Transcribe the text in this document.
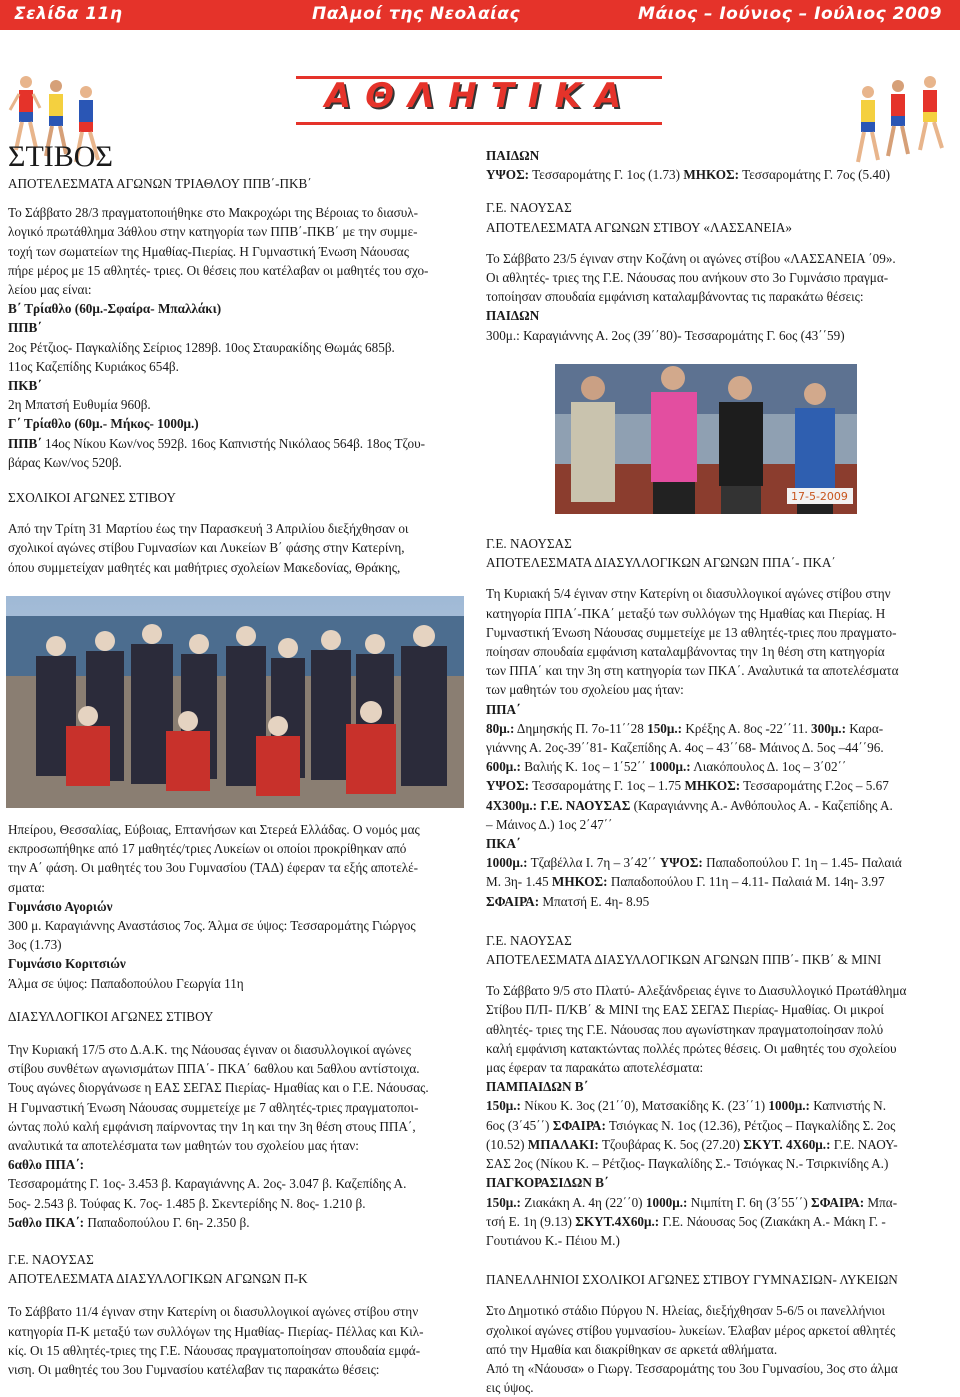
Σελίδα 11η	Παλμοί της Νεολαίας	Μάιος – Ιούνιος – Ιούλιος 2009
ΑΘΛΗΤΙΚΑ

ΣΤΙΒΟΣ

ΑΠΟΤΕΛΕΣΜΑΤΑ ΑΓΩΝΩΝ ΤΡΙΑΘΛΟΥ ΠΠΒ΄-ΠΚΒ΄

Το Σάββατο 28/3 πραγματοποιήθηκε στο Μακροχώρι της Βέροιας το διασυλ-

λογικό πρωτάθλημα 3άθλου στην κατηγορία των ΠΠΒ΄-ΠΚΒ΄ με την συμμε-

τοχή των σωματείων της Ημαθίας-Πιερίας. Η Γυμναστική Ένωση Νάουσας

πήρε μέρος με 15 αθλητές- τριες. Οι θέσεις που κατέλαβαν οι μαθητές του σχο-

λείου μας είναι:

Β΄ Τρίαθλο (60μ.-Σφαίρα- Μπαλλάκι)

ΠΠΒ΄

2ος Ρέτζιος- Παγκαλίδης Σείριος 1289β. 10ος Σταυρακίδης Θωμάς 685β.

11ος Καζεπίδης Κυριάκος 654β.

ΠΚΒ΄

2η Μπατσή Ευθυμία 960β.

Γ΄ Τρίαθλο (60μ.- Μήκος- 1000μ.)

ΠΠΒ΄ 14ος Νίκου Κων/νος 592β. 16ος Καπνιστής Νικόλαος 564β. 18ος Τζου-

βάρας Κων/νος 520β.

ΣΧΟΛΙΚΟΙ ΑΓΩΝΕΣ ΣΤΙΒΟΥ

Από την Τρίτη 31 Μαρτίου έως την Παρασκευή 3 Απριλίου διεξήχθησαν οι

σχολικοί αγώνες στίβου Γυμνασίων και Λυκείων Β΄ φάσης στην Κατερίνη,

όπου συμμετείχαν μαθητές και μαθήτριες σχολείων Μακεδονίας, Θράκης,

Ηπείρου, Θεσσαλίας, Εύβοιας, Επτανήσων και Στερεά Ελλάδας. Ο νομός μας

εκπροσωπήθηκε από 17 μαθητές/τριες Λυκείων οι οποίοι προκρίθηκαν από

την Α΄ φάση. Οι μαθητές του 3ου Γυμνασίου (ΤΑΔ) έφεραν τα εξής αποτελέ-

σματα:

Γυμνάσιο Αγοριών

300 μ. Καραγιάννης Αναστάσιος 7ος. Άλμα σε ύψος: Τεσσαρομάτης Γιώργος

3ος (1.73)

Γυμνάσιο Κοριτσιών

Άλμα σε ύψος: Παπαδοπούλου Γεωργία 11η

ΔΙΑΣΥΛΛΟΓΙΚΟΙ ΑΓΩΝΕΣ ΣΤΙΒΟΥ

Την Κυριακή 17/5 στο Δ.Α.Κ. της Νάουσας έγιναν οι διασυλλογικοί αγώνες

στίβου συνθέτων αγωνισμάτων ΠΠΑ΄- ΠΚΑ΄ 6αθλου και 5αθλου αντίστοιχα.

Τους αγώνες διοργάνωσε η ΕΑΣ ΣΕΓΑΣ Πιερίας- Ημαθίας και ο Γ.Ε. Νάουσας.

Η Γυμναστική Ένωση Νάουσας συμμετείχε με 7 αθλητές-τριες πραγματοποι-

ώντας πολύ καλή εμφάνιση παίρνοντας την 1η και την 3η θέση στους ΠΠΑ΄,

αναλυτικά τα αποτελέσματα των μαθητών του σχολείου μας ήταν:

6αθλο ΠΠΑ΄:

Τεσσαρομάτης Γ. 1ος- 3.453 β. Καραγιάννης Α. 2ος- 3.047 β. Καζεπίδης Α.

5ος- 2.543 β. Τούφας Κ. 7ος- 1.485 β. Σκεντερίδης Ν. 8ος- 1.210 β.

5αθλο ΠΚΑ΄: Παπαδοπούλου Γ. 6η- 2.350 β.

Γ.Ε. ΝΑΟΥΣΑΣ

ΑΠΟΤΕΛΕΣΜΑΤΑ ΔΙΑΣΥΛΛΟΓΙΚΩΝ ΑΓΩΝΩΝ Π-Κ

Το Σάββατο 11/4 έγιναν στην Κατερίνη οι διασυλλογικοί αγώνες στίβου στην

κατηγορία Π-Κ μεταξύ των συλλόγων της Ημαθίας- Πιερίας- Πέλλας και Κιλ-

κίς. Οι 15 αθλητές-τριες της Γ.Ε. Νάουσας πραγματοποίησαν σπουδαία εμφά-

νιση. Οι μαθητές του 3ου Γυμνασίου κατέλαβαν τις παρακάτω θέσεις:

ΠΑΙΔΩΝ

ΥΨΟΣ: Τεσσαρομάτης Γ. 1ος (1.73) ΜΗΚΟΣ: Τεσσαρομάτης Γ. 7ος (5.40)

Γ.Ε. ΝΑΟΥΣΑΣ

ΑΠΟΤΕΛΕΣΜΑΤΑ ΑΓΩΝΩΝ ΣΤΙΒΟΥ «ΛΑΣΣΑΝΕΙΑ»

Το Σάββατο 23/5 έγιναν στην Κοζάνη οι αγώνες στίβου «ΛΑΣΣΑΝΕΙΑ ΄09».

Οι αθλητές- τριες της Γ.Ε. Νάουσας που ανήκουν στο 3ο Γυμνάσιο πραγμα-

τοποίησαν σπουδαία εμφάνιση καταλαμβάνοντας τις παρακάτω θέσεις:

ΠΑΙΔΩΝ

300μ.: Καραγιάννης Α. 2ος (39΄΄80)- Τεσσαρομάτης Γ. 6ος (43΄΄59)

17-5-2009

Γ.Ε. ΝΑΟΥΣΑΣ

ΑΠΟΤΕΛΕΣΜΑΤΑ ΔΙΑΣΥΛΛΟΓΙΚΩΝ ΑΓΩΝΩΝ ΠΠΑ΄- ΠΚΑ΄

Τη Κυριακή 5/4 έγιναν στην Κατερίνη οι διασυλλογικοί αγώνες στίβου στην

κατηγορία ΠΠΑ΄-ΠΚΑ΄ μεταξύ των συλλόγων της Ημαθίας και Πιερίας. Η

Γυμναστική Ένωση Νάουσας συμμετείχε με 13 αθλητές-τριες που πραγματο-

ποίησαν σπουδαία εμφάνιση καταλαμβάνοντας την 1η θέση στη κατηγορία

των ΠΠΑ΄ και την 3η στη κατηγορία των ΠΚΑ΄. Αναλυτικά τα αποτελέσματα

των μαθητών του σχολείου μας ήταν:

ΠΠΑ΄

80μ.: Δημησκής Π. 7ο-11΄΄28 150μ.: Κρέξης Α. 8ος -22΄΄11. 300μ.: Καρα-

γιάννης Α. 2ος-39΄΄81- Καζεπίδης Α. 4ος – 43΄΄68- Μάινος Δ. 5ος –44΄΄96.

600μ.: Βαλιής Κ. 1ος – 1΄52΄΄ 1000μ.: Λιακόπουλος Δ. 1ος – 3΄02΄΄

ΥΨΟΣ: Τεσσαρομάτης Γ. 1ος – 1.75 ΜΗΚΟΣ: Τεσσαρομάτης Γ.2ος – 5.67

4Χ300μ.: Γ.Ε. ΝΑΟΥΣΑΣ (Καραγιάννης Α.- Ανθόπουλος Α. - Καζεπίδης Α.

– Μάινος Δ.) 1ος 2΄47΄΄

ΠΚΑ΄

1000μ.: Τζαβέλλα Ι. 7η – 3΄42΄΄ ΥΨΟΣ: Παπαδοπούλου Γ. 1η – 1.45- Παλαιά

Μ. 3η- 1.45 ΜΗΚΟΣ: Παπαδοπούλου Γ. 11η – 4.11- Παλαιά Μ. 14η- 3.97

ΣΦΑΙΡΑ: Μπατσή Ε. 4η- 8.95

Γ.Ε. ΝΑΟΥΣΑΣ

ΑΠΟΤΕΛΕΣΜΑΤΑ ΔΙΑΣΥΛΛΟΓΙΚΩΝ ΑΓΩΝΩΝ ΠΠΒ΄- ΠΚΒ΄ & ΜΙΝΙ

Το Σάββατο 9/5 στο Πλατύ- Αλεξάνδρειας έγινε το Διασυλλογικό Πρωτάθλημα

Στίβου Π/Π- Π/ΚΒ΄ & ΜΙΝΙ της ΕΑΣ ΣΕΓΑΣ Πιερίας- Ημαθίας. Οι μικροί

αθλητές- τριες της Γ.Ε. Νάουσας που αγωνίστηκαν πραγματοποίησαν πολύ

καλή εμφάνιση κατακτώντας πολλές πρώτες θέσεις. Οι μαθητές του σχολείου

μας έφεραν τα παρακάτω αποτελέσματα:

ΠΑΜΠΑΙΔΩΝ Β΄

150μ.: Νίκου Κ. 3ος (21΄΄0), Ματσακίδης Κ. (23΄΄1) 1000μ.: Καπνιστής Ν.

6ος (3΄45΄΄) ΣΦΑΙΡΑ: Τσιόγκας Ν. 1ος (12.36), Ρέτζιος – Παγκαλίδης Σ. 2ος

(10.52) ΜΠΑΛΑΚΙ: Τζουβάρας Κ. 5ος (27.20) ΣΚΥΤ. 4Χ60μ.: Γ.Ε. ΝΑΟΥ-

ΣΑΣ 2ος (Νίκου Κ. – Ρέτζιος- Παγκαλίδης Σ.- Τσιόγκας Ν.- Τσιρκινίδης Α.)

ΠΑΓΚΟΡΑΣΙΔΩΝ Β΄

150μ.: Ζιακάκη Α. 4η (22΄΄0) 1000μ.: Νιμπίτη Γ. 6η (3΄55΄΄) ΣΦΑΙΡΑ: Μπα-

τσή Ε. 1η (9.13) ΣΚΥΤ.4Χ60μ.: Γ.Ε. Νάουσας 5ος (Ζιακάκη Α.- Μάκη Γ. -

Γουτιάνου Κ.- Πέιου Μ.)

ΠΑΝΕΛΛΗΝΙΟΙ ΣΧΟΛΙΚΟΙ ΑΓΩΝΕΣ ΣΤΙΒΟΥ ΓΥΜΝΑΣΙΩΝ- ΛΥΚΕΙΩΝ

Στο Δημοτικό στάδιο Πύργου Ν. Ηλείας, διεξήχθησαν 5-6/5 οι πανελλήνιοι

σχολικοί αγώνες στίβου γυμνασίου- λυκείων. Έλαβαν μέρος αρκετοί αθλητές

από την Ημαθία και διακρίθηκαν σε αρκετά αθλήματα.

Από τη «Νάουσα» ο Γιωργ. Τεσσαρομάτης του 3ου Γυμνασίου, 3ος στο άλμα

εις ύψος.
